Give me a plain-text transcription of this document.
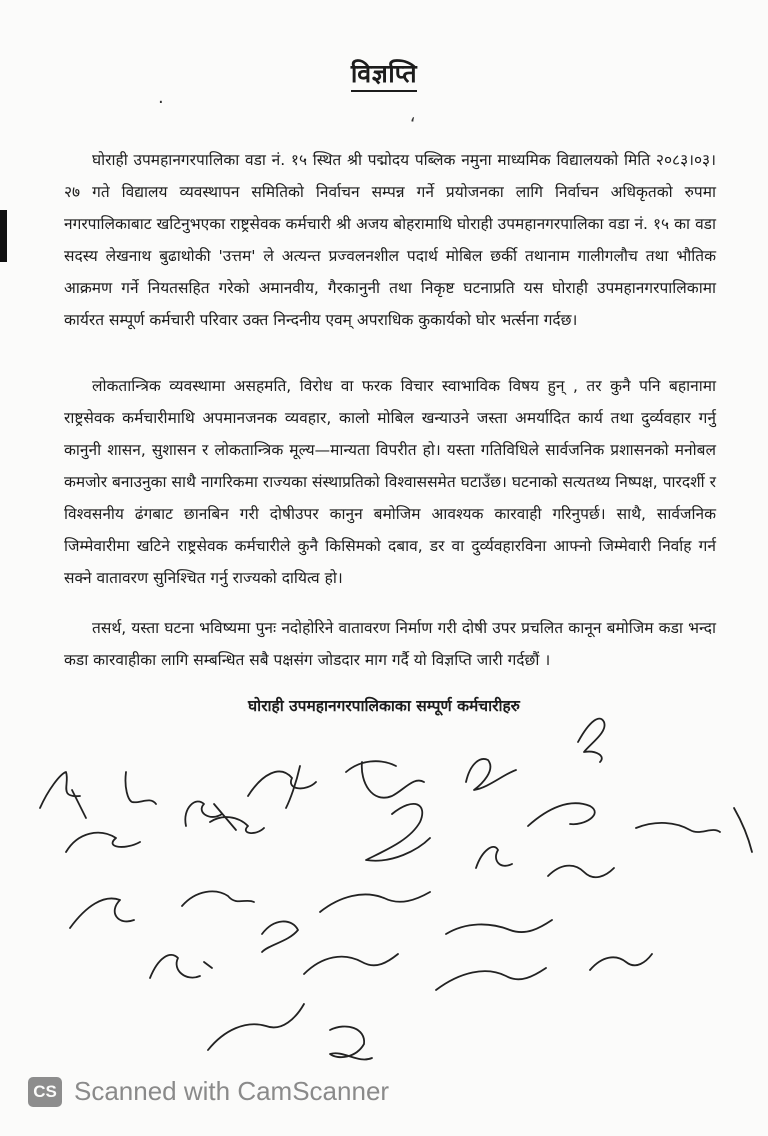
विज्ञप्ति
·
ʻ

घोराही उपमहानगरपालिका वडा नं. १५ स्थित श्री पद्मोदय पब्लिक नमुना माध्यमिक विद्यालयको मिति २०८३।०३।२७ गते विद्यालय व्यवस्थापन समितिको निर्वाचन सम्पन्न गर्ने प्रयोजनका लागि निर्वाचन अधिकृतको रुपमा नगरपालिकाबाट खटिनुभएका राष्ट्रसेवक कर्मचारी श्री अजय बोहरामाथि घोराही उपमहानगरपालिका वडा नं. १५ का वडा सदस्य लेखनाथ बुढाथोकी 'उत्तम' ले अत्यन्त प्रज्वलनशील पदार्थ मोबिल छर्की तथानाम गालीगलौच तथा भौतिक आक्रमण गर्ने नियतसहित गरेको अमानवीय, गैरकानुनी तथा निकृष्ट घटनाप्रति यस घोराही उपमहानगरपालिकामा कार्यरत सम्पूर्ण कर्मचारी परिवार उक्त निन्दनीय एवम् अपराधिक कुकार्यको घोर भर्त्सना गर्दछ।

लोकतान्त्रिक व्यवस्थामा असहमति, विरोध वा फरक विचार स्वाभाविक विषय हुन् , तर कुनै पनि बहानामा राष्ट्रसेवक कर्मचारीमाथि अपमानजनक व्यवहार, कालो मोबिल खन्याउने जस्ता अमर्यादित कार्य तथा दुर्व्यवहार गर्नु कानुनी शासन, सुशासन र लोकतान्त्रिक मूल्य—मान्यता विपरीत हो। यस्ता गतिविधिले सार्वजनिक प्रशासनको मनोबल कमजोर बनाउनुका साथै नागरिकमा राज्यका संस्थाप्रतिको विश्वाससमेत घटाउँछ। घटनाको सत्यतथ्य निष्पक्ष, पारदर्शी र विश्वसनीय ढंगबाट छानबिन गरी दोषीउपर कानुन बमोजिम आवश्यक कारवाही गरिनुपर्छ। साथै, सार्वजनिक जिम्मेवारीमा खटिने राष्ट्रसेवक कर्मचारीले कुनै किसिमको दबाव, डर वा दुर्व्यवहारविना आफ्नो जिम्मेवारी निर्वाह गर्न सक्ने वातावरण सुनिश्चित गर्नु राज्यको दायित्व हो।

तसर्थ, यस्ता घटना भविष्यमा पुनः नदोहोरिने वातावरण निर्माण गरी दोषी उपर प्रचलित कानून बमोजिम कडा भन्दा कडा कारवाहीका लागि सम्बन्धित सबै पक्षसंग जोडदार माग गर्दै यो विज्ञप्ति जारी गर्दछौं ।

घोराही उपमहानगरपालिकाका सम्पूर्ण कर्मचारीहरु
CS Scanned with CamScanner
